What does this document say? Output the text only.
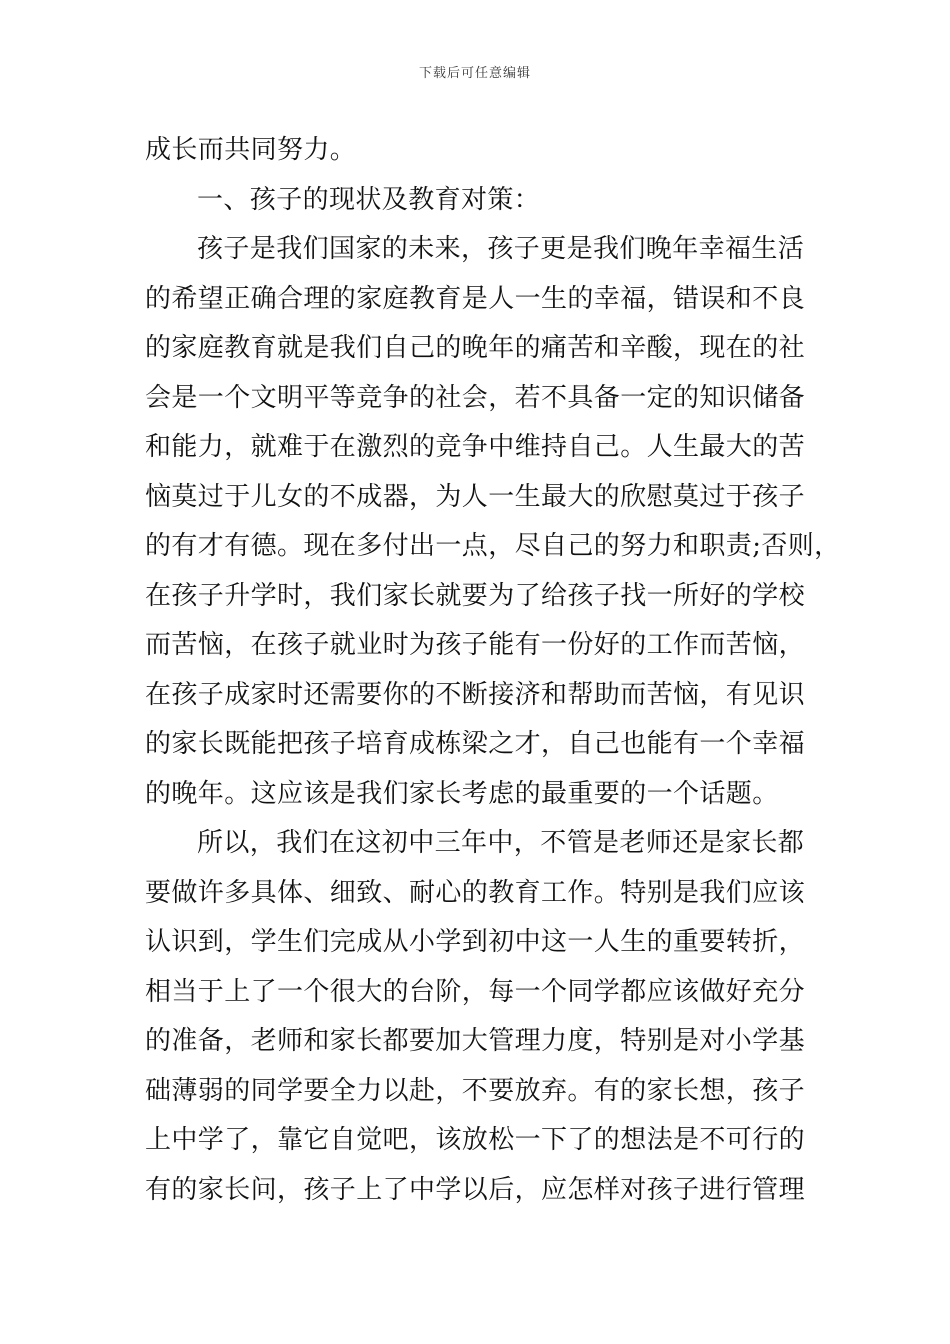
下载后可任意编辑
成长而共同努力。
一、孩子的现状及教育对策：
孩子是我们国家的未来，孩子更是我们晚年幸福生活
的希望正确合理的家庭教育是人一生的幸福，错误和不良
的家庭教育就是我们自己的晚年的痛苦和辛酸，现在的社
会是一个文明平等竞争的社会，若不具备一定的知识储备
和能力，就难于在激烈的竞争中维持自己。人生最大的苦
恼莫过于儿女的不成器，为人一生最大的欣慰莫过于孩子
的有才有德。现在多付出一点，尽自己的努力和职责;否则，
在孩子升学时，我们家长就要为了给孩子找一所好的学校
而苦恼，在孩子就业时为孩子能有一份好的工作而苦恼，
在孩子成家时还需要你的不断接济和帮助而苦恼，有见识
的家长既能把孩子培育成栋梁之才，自己也能有一个幸福
的晚年。这应该是我们家长考虑的最重要的一个话题。
所以，我们在这初中三年中，不管是老师还是家长都
要做许多具体、细致、耐心的教育工作。特别是我们应该
认识到，学生们完成从小学到初中这一人生的重要转折，
相当于上了一个很大的台阶，每一个同学都应该做好充分
的准备，老师和家长都要加大管理力度，特别是对小学基
础薄弱的同学要全力以赴，不要放弃。有的家长想，孩子
上中学了，靠它自觉吧，该放松一下了的想法是不可行的
有的家长问，孩子上了中学以后，应怎样对孩子进行管理
